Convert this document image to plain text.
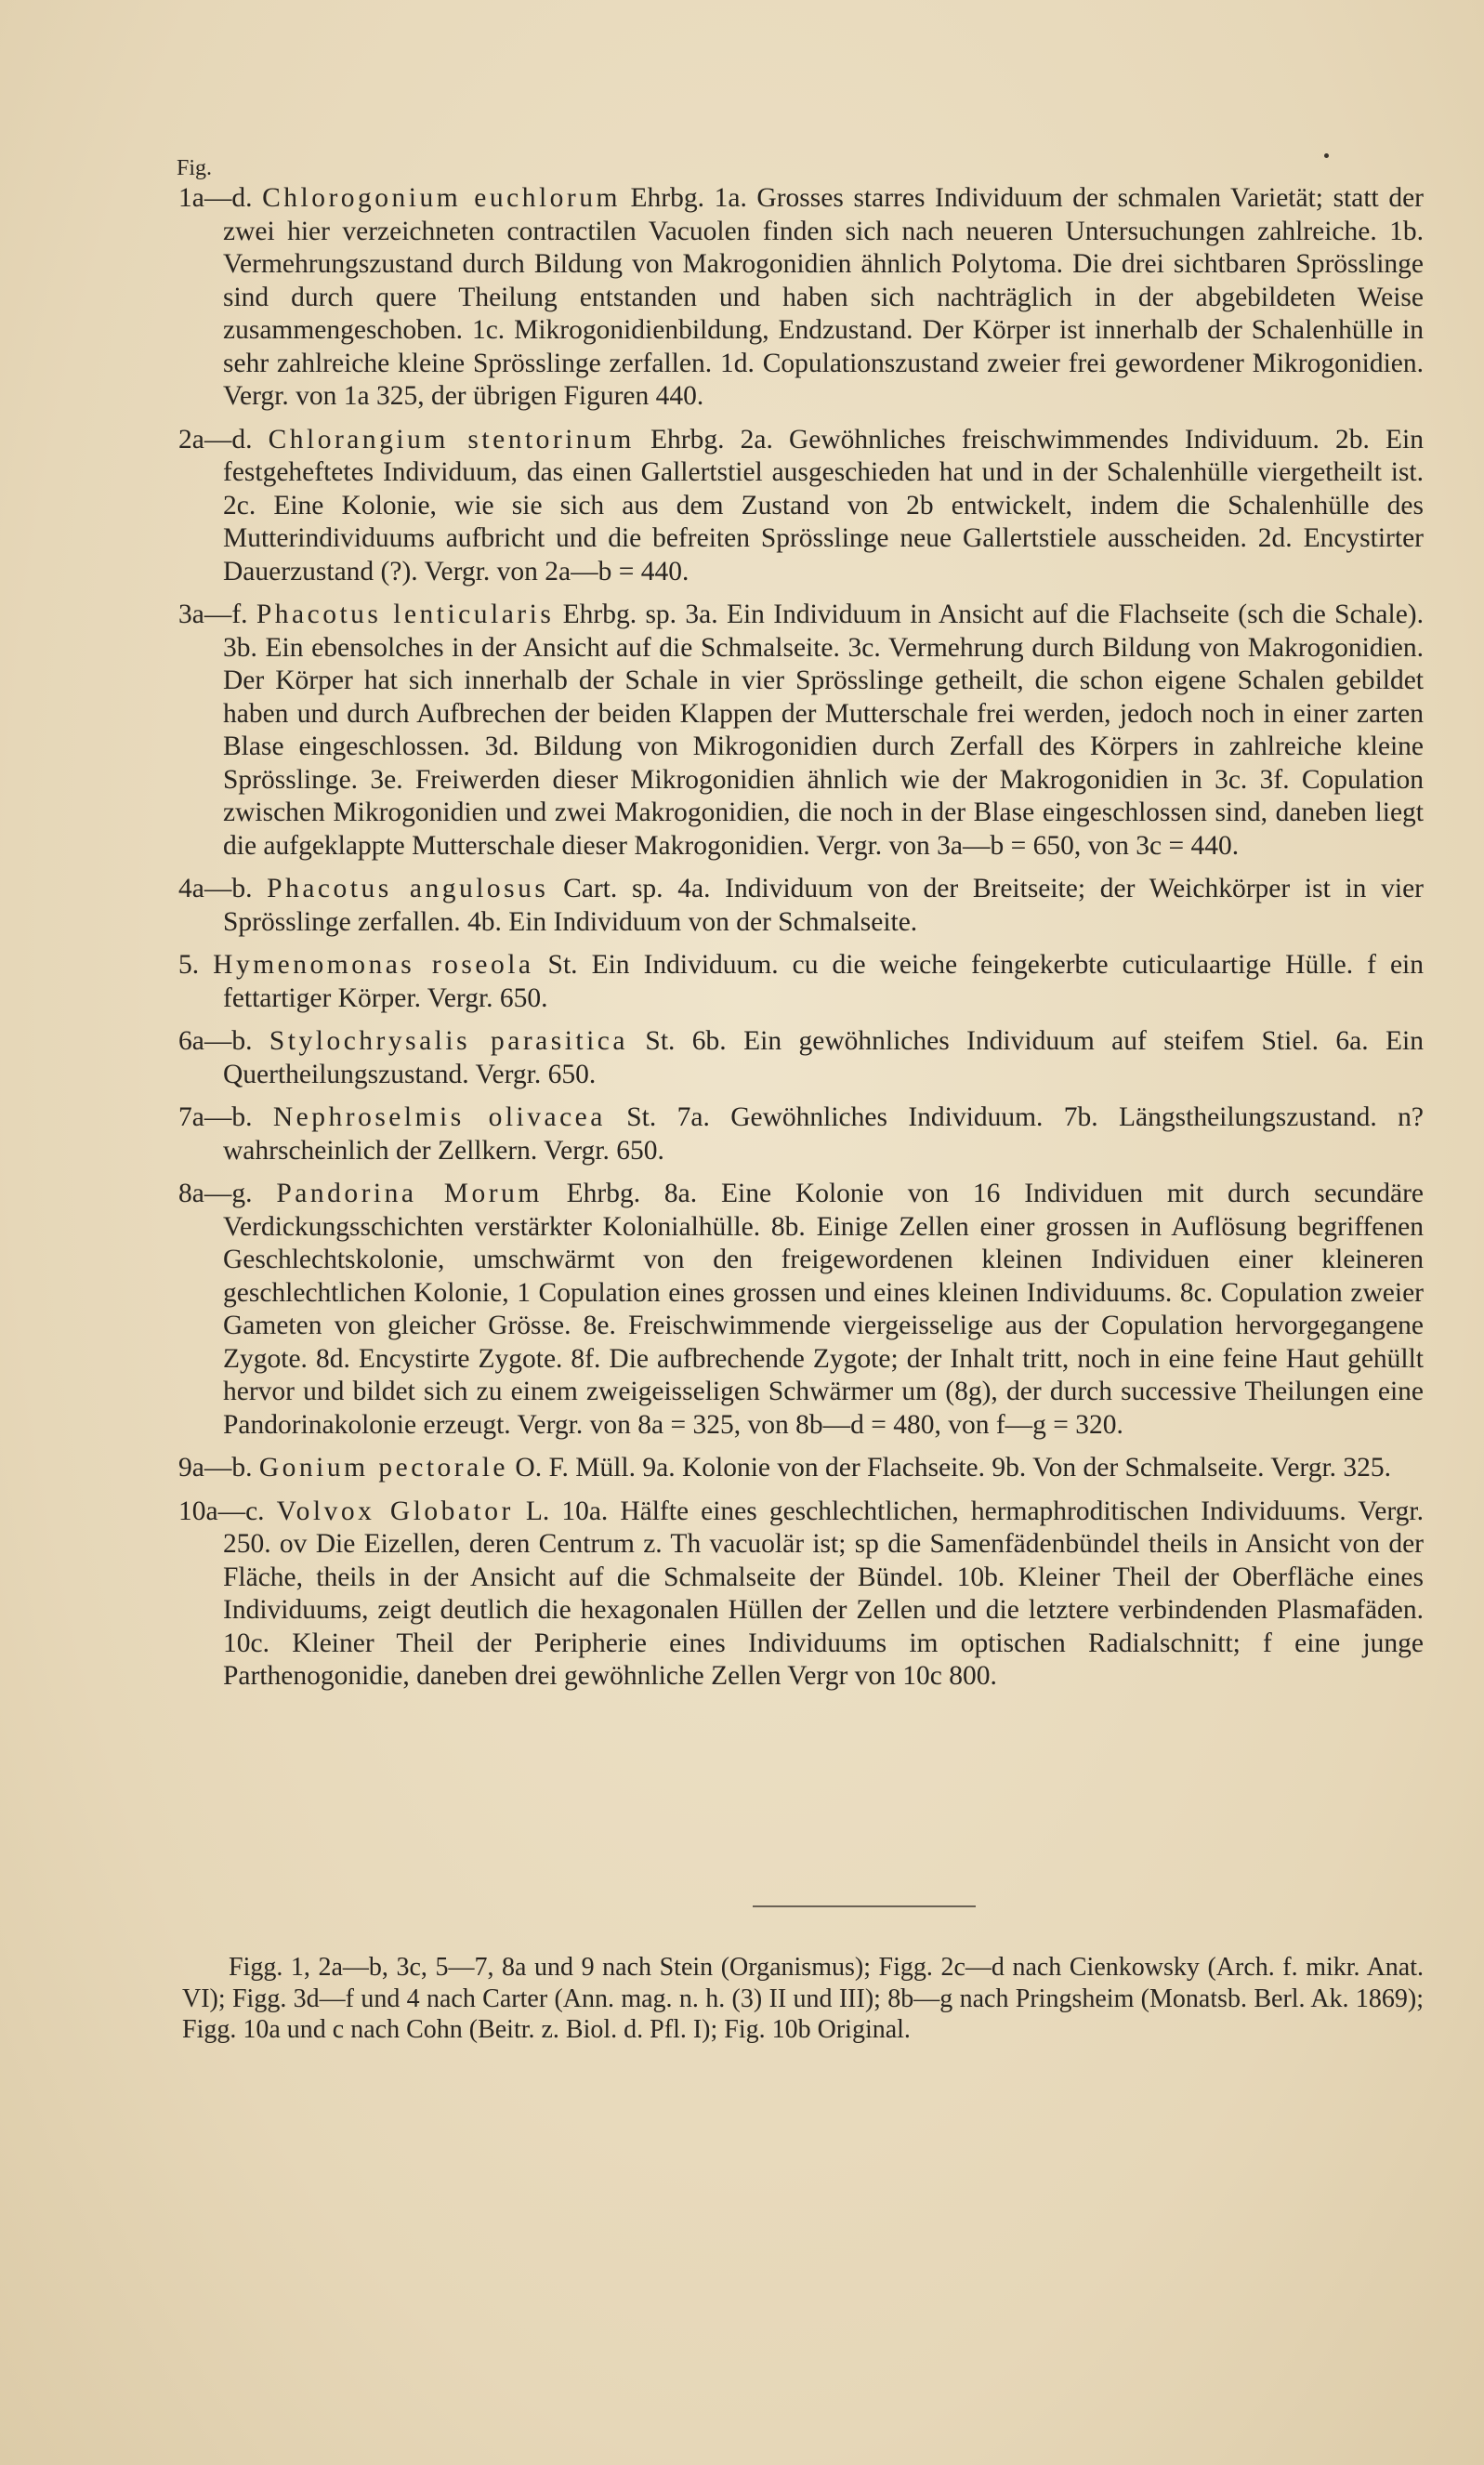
Fig.
1a—d. Chlorogonium euchlorum Ehrbg. 1a. Grosses starres Individuum der schmalen Varietät; statt der zwei hier verzeichneten contractilen Vacuolen finden sich nach neueren Untersuchungen zahlreiche. 1b. Vermehrungszustand durch Bildung von Makrogonidien ähnlich Polytoma. Die drei sichtbaren Sprösslinge sind durch quere Theilung entstanden und haben sich nachträglich in der abgebildeten Weise zusammengeschoben. 1c. Mikrogonidienbildung, Endzustand. Der Körper ist innerhalb der Schalenhülle in sehr zahlreiche kleine Sprösslinge zerfallen. 1d. Copulationszustand zweier frei gewordener Mikrogonidien. Vergr. von 1a 325, der übrigen Figuren 440.
2a—d. Chlorangium stentorinum Ehrbg. 2a. Gewöhnliches freischwimmendes Individuum. 2b. Ein festgeheftetes Individuum, das einen Gallertstiel ausgeschieden hat und in der Schalenhülle viergetheilt ist. 2c. Eine Kolonie, wie sie sich aus dem Zustand von 2b entwickelt, indem die Schalenhülle des Mutterindividuums aufbricht und die befreiten Sprösslinge neue Gallertstiele ausscheiden. 2d. Encystirter Dauerzustand (?). Vergr. von 2a—b = 440.
3a—f. Phacotus lenticularis Ehrbg. sp. 3a. Ein Individuum in Ansicht auf die Flachseite (sch die Schale). 3b. Ein ebensolches in der Ansicht auf die Schmalseite. 3c. Vermehrung durch Bildung von Makrogonidien. Der Körper hat sich innerhalb der Schale in vier Sprösslinge getheilt, die schon eigene Schalen gebildet haben und durch Aufbrechen der beiden Klappen der Mutterschale frei werden, jedoch noch in einer zarten Blase eingeschlossen. 3d. Bildung von Mikrogonidien durch Zerfall des Körpers in zahlreiche kleine Sprösslinge. 3e. Freiwerden dieser Mikrogonidien ähnlich wie der Makrogonidien in 3c. 3f. Copulation zwischen Mikrogonidien und zwei Makrogonidien, die noch in der Blase eingeschlossen sind, daneben liegt die aufgeklappte Mutterschale dieser Makrogonidien. Vergr. von 3a—b = 650, von 3c = 440.
4a—b. Phacotus angulosus Cart. sp. 4a. Individuum von der Breitseite; der Weichkörper ist in vier Sprösslinge zerfallen. 4b. Ein Individuum von der Schmalseite.
5. Hymenomonas roseola St. Ein Individuum. cu die weiche feingekerbte cuticulaartige Hülle. f ein fettartiger Körper. Vergr. 650.
6a—b. Stylochrysalis parasitica St. 6b. Ein gewöhnliches Individuum auf steifem Stiel. 6a. Ein Quertheilungszustand. Vergr. 650.
7a—b. Nephroselmis olivacea St. 7a. Gewöhnliches Individuum. 7b. Längstheilungszustand. n? wahrscheinlich der Zellkern. Vergr. 650.
8a—g. Pandorina Morum Ehrbg. 8a. Eine Kolonie von 16 Individuen mit durch secundäre Verdickungsschichten verstärkter Kolonialhülle. 8b. Einige Zellen einer grossen in Auflösung begriffenen Geschlechtskolonie, umschwärmt von den freigewordenen kleinen Individuen einer kleineren geschlechtlichen Kolonie, 1 Copulation eines grossen und eines kleinen Individuums. 8c. Copulation zweier Gameten von gleicher Grösse. 8e. Freischwimmende viergeisselige aus der Copulation hervorgegangene Zygote. 8d. Encystirte Zygote. 8f. Die aufbrechende Zygote; der Inhalt tritt, noch in eine feine Haut gehüllt hervor und bildet sich zu einem zweigeisseligen Schwärmer um (8g), der durch successive Theilungen eine Pandorinakolonie erzeugt. Vergr. von 8a = 325, von 8b—d = 480, von f—g = 320.
9a—b. Gonium pectorale O. F. Müll. 9a. Kolonie von der Flachseite. 9b. Von der Schmalseite. Vergr. 325.
10a—c. Volvox Globator L. 10a. Hälfte eines geschlechtlichen, hermaphroditischen Individuums. Vergr. 250. ov Die Eizellen, deren Centrum z. Th vacuolär ist; sp die Samenfädenbündel theils in Ansicht von der Fläche, theils in der Ansicht auf die Schmalseite der Bündel. 10b. Kleiner Theil der Oberfläche eines Individuums, zeigt deutlich die hexagonalen Hüllen der Zellen und die letztere verbindenden Plasmafäden. 10c. Kleiner Theil der Peripherie eines Individuums im optischen Radialschnitt; f eine junge Parthenogonidie, daneben drei gewöhnliche Zellen Vergr von 10c 800.
Figg. 1, 2a—b, 3c, 5—7, 8a und 9 nach Stein (Organismus); Figg. 2c—d nach Cienkowsky (Arch. f. mikr. Anat. VI); Figg. 3d—f und 4 nach Carter (Ann. mag. n. h. (3) II und III); 8b—g nach Pringsheim (Monatsb. Berl. Ak. 1869); Figg. 10a und c nach Cohn (Beitr. z. Biol. d. Pfl. I); Fig. 10b Original.
